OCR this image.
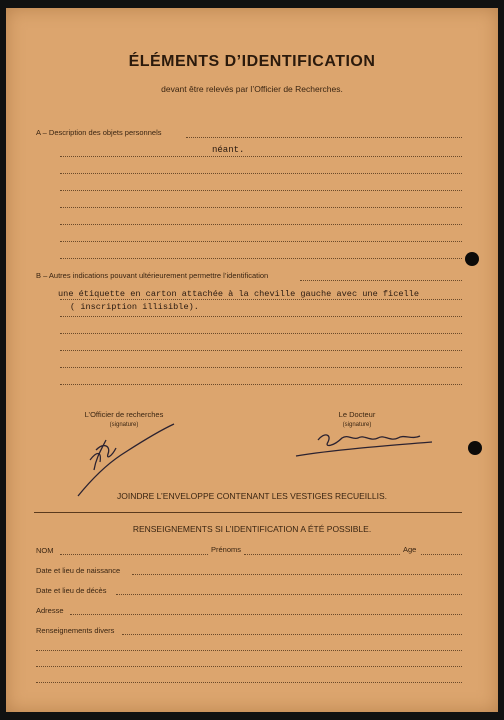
ÉLÉMENTS D’IDENTIFICATION
devant être relevés par l’Officier de Recherches.
A – Description des objets personnels
néant.
B – Autres indications pouvant ultérieurement permettre l’identification
une étiquette en carton attachée à la cheville gauche avec une ficelle
( inscription illisible).
L’Officier de recherches
(signature)
Le Docteur
(signature)
JOINDRE L’ENVELOPPE CONTENANT LES VESTIGES RECUEILLIS.
RENSEIGNEMENTS SI L’IDENTIFICATION A ÉTÉ POSSIBLE.
NOM	Prénoms	Age
Date et lieu de naissance
Date et lieu de décès
Adresse
Renseignements divers
